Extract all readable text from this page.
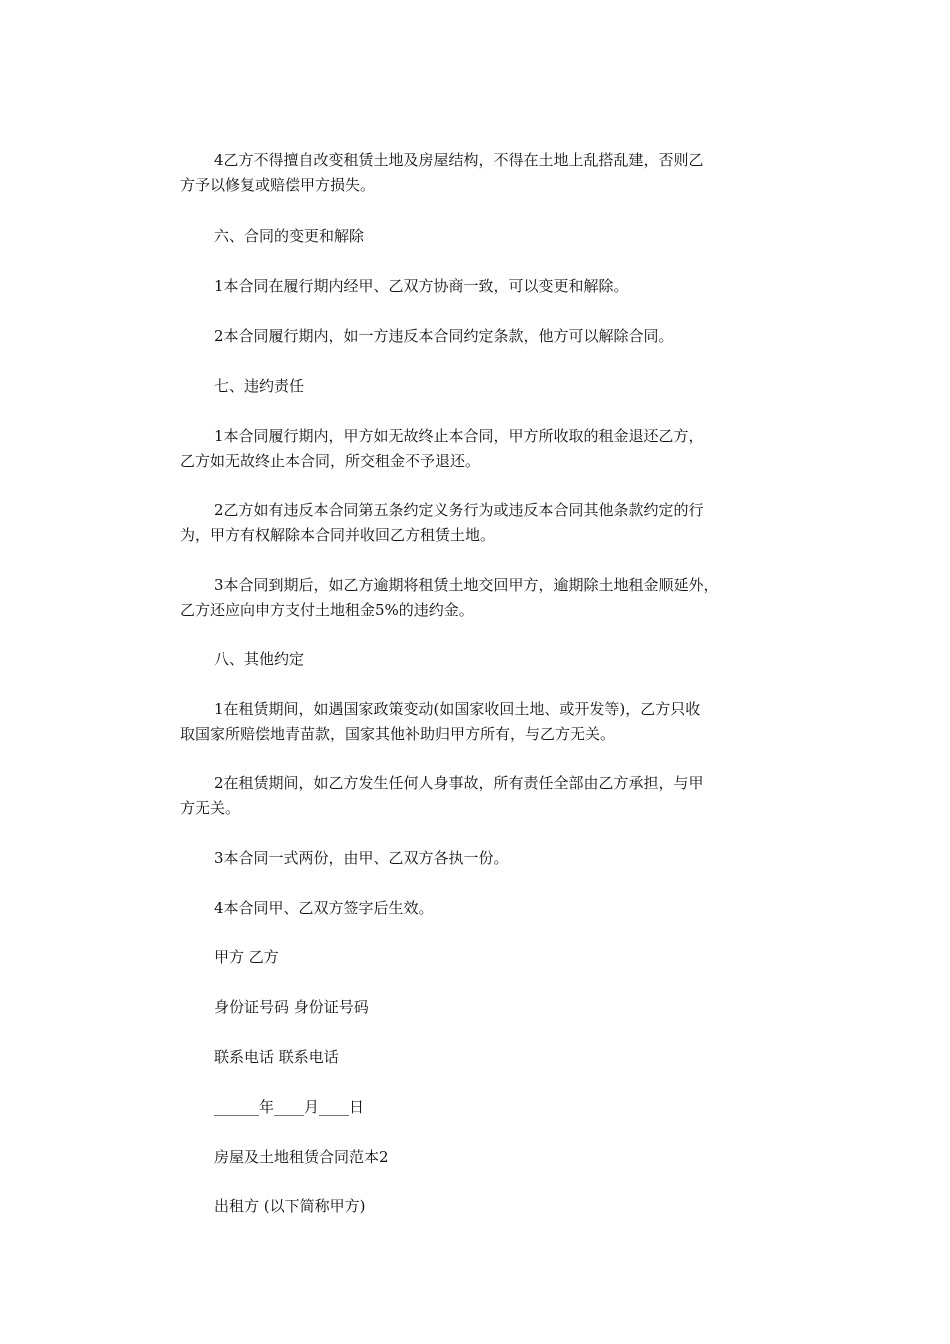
4乙方不得擅自改变租赁土地及房屋结构，不得在土地上乱搭乱建，否则乙
方予以修复或赔偿甲方损失。
六、合同的变更和解除
1本合同在履行期内经甲、乙双方协商一致，可以变更和解除。
2本合同履行期内，如一方违反本合同约定条款，他方可以解除合同。
七、违约责任
1本合同履行期内，甲方如无故终止本合同，甲方所收取的租金退还乙方，
乙方如无故终止本合同，所交租金不予退还。
2乙方如有违反本合同第五条约定义务行为或违反本合同其他条款约定的行
为，甲方有权解除本合同并收回乙方租赁土地。
3本合同到期后，如乙方逾期将租赁土地交回甲方，逾期除土地租金顺延外，
乙方还应向申方支付土地租金5%的违约金。
八、其他约定
1在租赁期间，如遇国家政策变动(如国家收回土地、或开发等)，乙方只收
取国家所赔偿地青苗款，国家其他补助归甲方所有，与乙方无关。
2在租赁期间，如乙方发生任何人身事故，所有责任全部由乙方承担，与甲
方无关。
3本合同一式两份，由甲、乙双方各执一份。
4本合同甲、乙双方签字后生效。
甲方 乙方
身份证号码 身份证号码
联系电话 联系电话
______年____月____日
房屋及土地租赁合同范本2
出租方 (以下简称甲方)
